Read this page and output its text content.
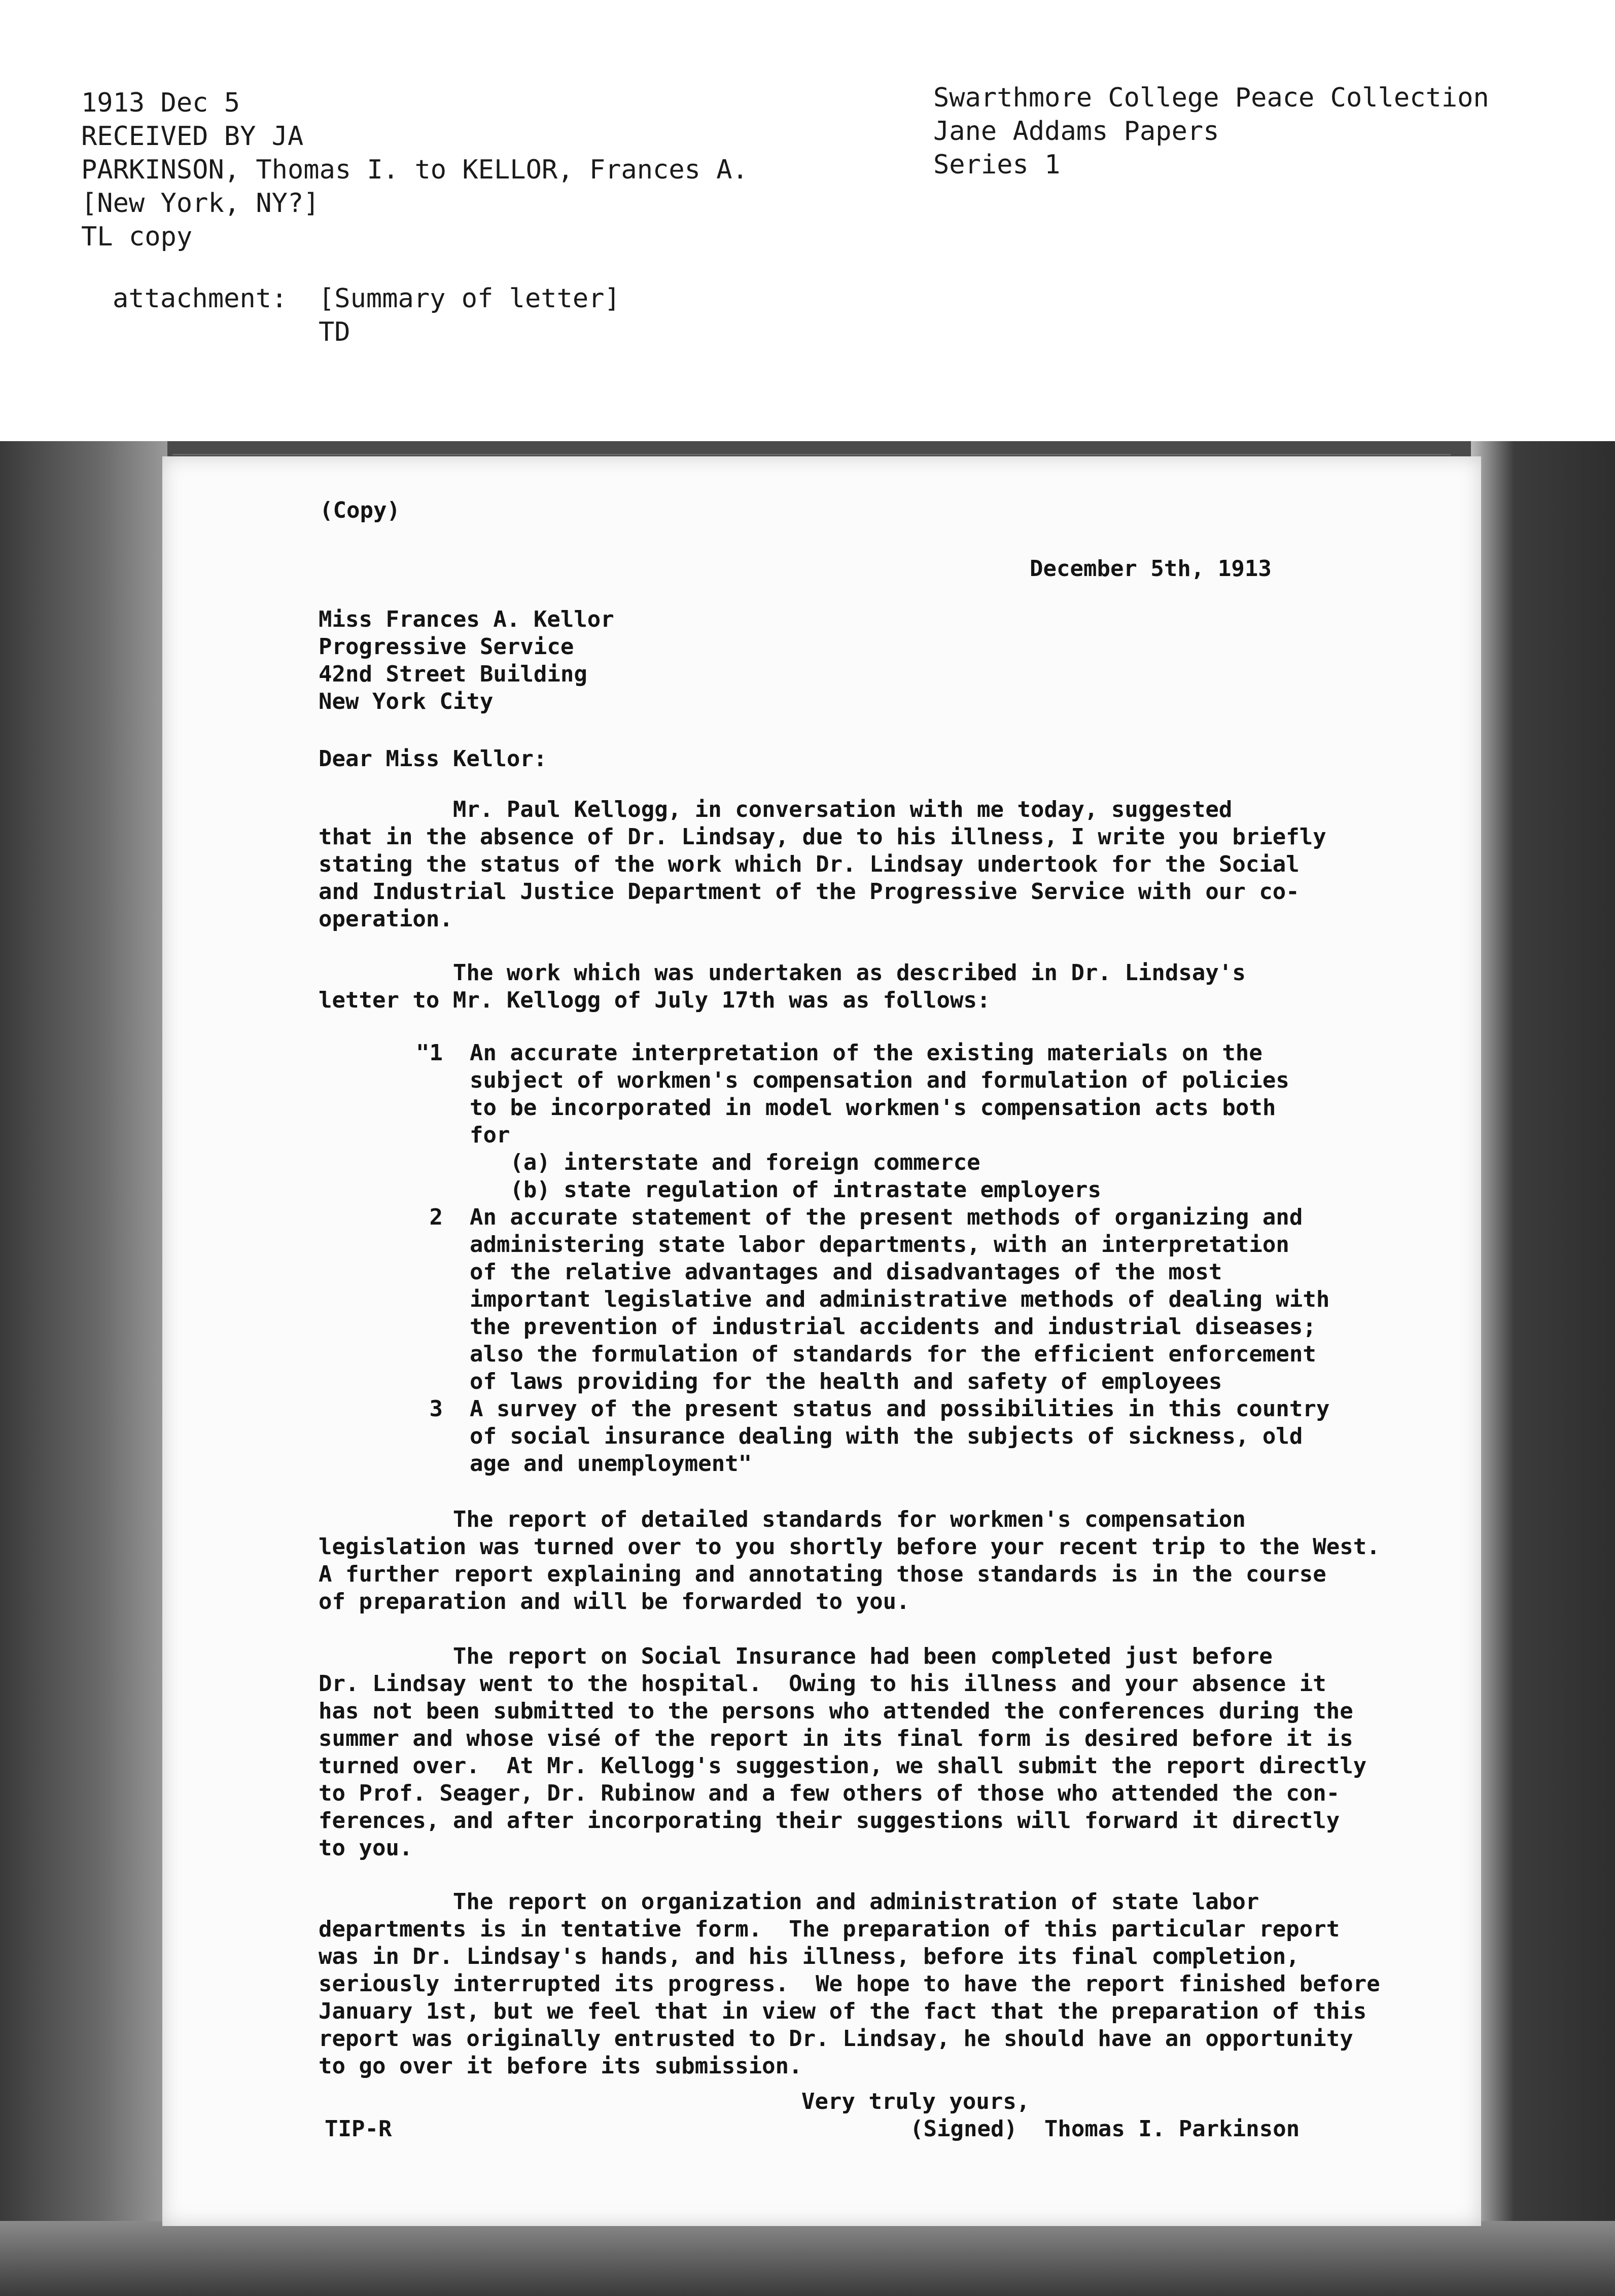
1913 Dec 5
RECEIVED BY JA
PARKINSON, Thomas I. to KELLOR, Frances A.
[New York, NY?]
TL copy
Swarthmore College Peace Collection
Jane Addams Papers
Series 1
attachment: [Summary of letter]
TD
(Copy)
December 5th, 1913
Miss Frances A. Kellor
Progressive Service
42nd Street Building
New York City
Dear Miss Kellor:
Mr. Paul Kellogg, in conversation with me today, suggested
that in the absence of Dr. Lindsay, due to his illness, I write you briefly
stating the status of the work which Dr. Lindsay undertook for the Social
and Industrial Justice Department of the Progressive Service with our co-
operation.
The work which was undertaken as described in Dr. Lindsay's
letter to Mr. Kellogg of July 17th was as follows:
"1  An accurate interpretation of the existing materials on the
subject of workmen's compensation and formulation of policies
to be incorporated in model workmen's compensation acts both
for
(a) interstate and foreign commerce
(b) state regulation of intrastate employers
2  An accurate statement of the present methods of organizing and
administering state labor departments, with an interpretation
of the relative advantages and disadvantages of the most
important legislative and administrative methods of dealing with
the prevention of industrial accidents and industrial diseases;
also the formulation of standards for the efficient enforcement
of laws providing for the health and safety of employees
3  A survey of the present status and possibilities in this country
of social insurance dealing with the subjects of sickness, old
age and unemployment"
The report of detailed standards for workmen's compensation
legislation was turned over to you shortly before your recent trip to the West.
A further report explaining and annotating those standards is in the course
of preparation and will be forwarded to you.
The report on Social Insurance had been completed just before
Dr. Lindsay went to the hospital.  Owing to his illness and your absence it
has not been submitted to the persons who attended the conferences during the
summer and whose visé of the report in its final form is desired before it is
turned over.  At Mr. Kellogg's suggestion, we shall submit the report directly
to Prof. Seager, Dr. Rubinow and a few others of those who attended the con-
ferences, and after incorporating their suggestions will forward it directly
to you.
The report on organization and administration of state labor
departments is in tentative form.  The preparation of this particular report
was in Dr. Lindsay's hands, and his illness, before its final completion,
seriously interrupted its progress.  We hope to have the report finished before
January 1st, but we feel that in view of the fact that the preparation of this
report was originally entrusted to Dr. Lindsay, he should have an opportunity
to go over it before its submission.
Very truly yours,
(Signed)  Thomas I. Parkinson
TIP-R
